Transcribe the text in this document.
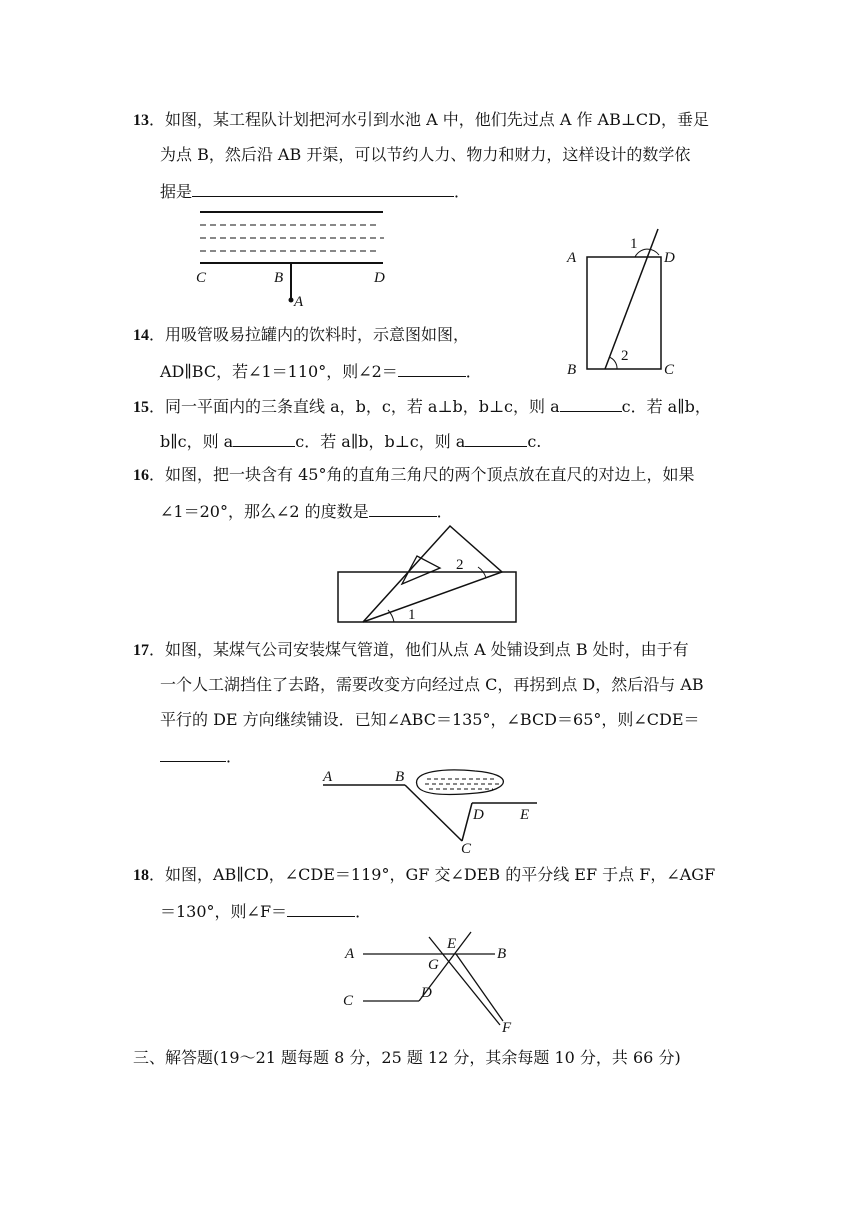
13．如图，某工程队计划把河水引到水池 A 中，他们先过点 A 作 AB⊥CD，垂足
为点 B，然后沿 AB 开渠，可以节约人力、物力和财力，这样设计的数学依
据是	．
C	B	D
A
14．用吸管吸易拉罐内的饮料时，示意图如图，
AD∥BC，若∠1＝110°，则∠2＝	．
A	D
B	C
1
2
15．同一平面内的三条直线 a，b，c，若 a⊥b，b⊥c，则 a	c．若 a∥b，
b∥c，则 a	c．若 a∥b，b⊥c，则 a	c.
16．如图，把一块含有 45°角的直角三角尺的两个顶点放在直尺的对边上，如果
∠1＝20°，那么∠2 的度数是	．
2
1
17．如图，某煤气公司安装煤气管道，他们从点 A 处铺设到点 B 处时，由于有
一个人工湖挡住了去路，需要改变方向经过点 C，再拐到点 D，然后沿与 AB
平行的 DE 方向继续铺设．已知∠ABC＝135°，∠BCD＝65°，则∠CDE＝
．
A	B
D E
C
18．如图，AB∥CD，∠CDE＝119°，GF 交∠DEB 的平分线 EF 于点 F，∠AGF
＝130°，则∠F＝	．
A
E
B
G
C	D
F
三、解答题(19～21 题每题 8 分，25 题 12 分，其余每题 10 分，共 66 分)
